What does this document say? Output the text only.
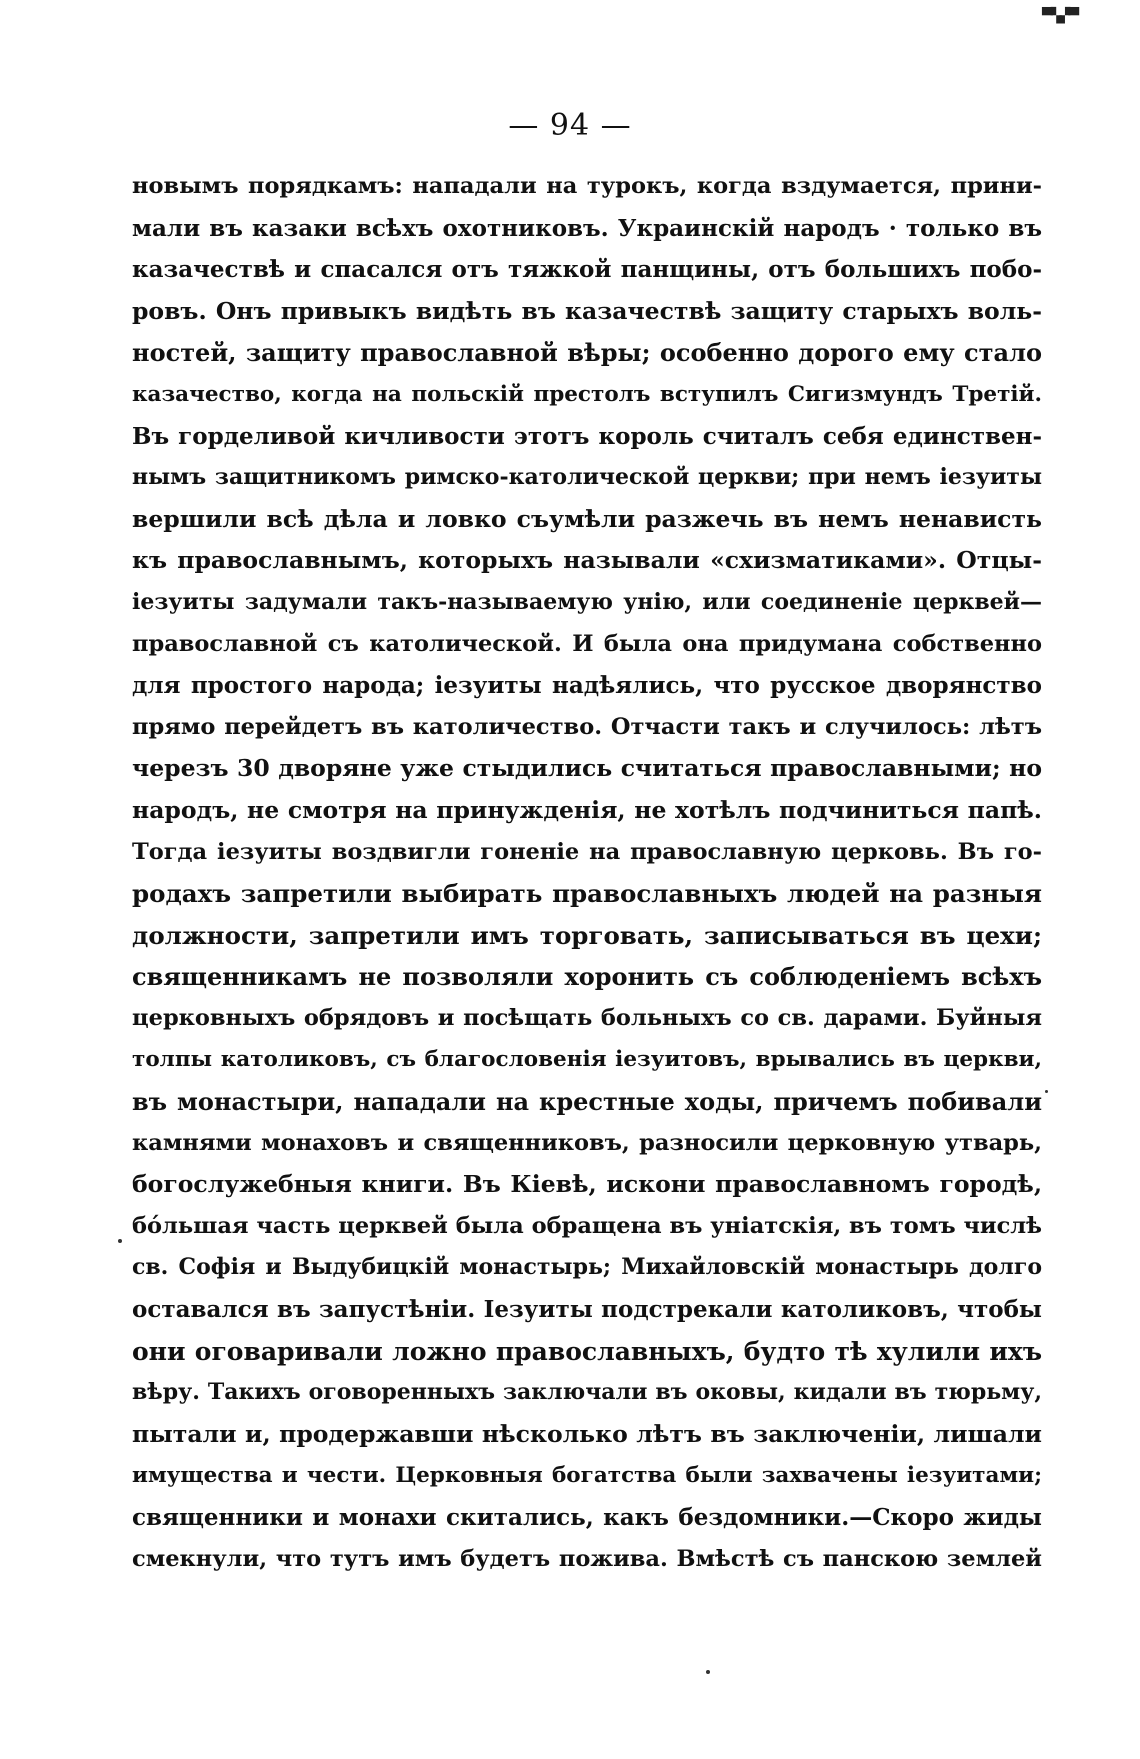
▀▚▞▀
— 94 —
новымъ порядкамъ: нападали на турокъ, когда вздумается, прини-
мали въ казаки всѣхъ охотниковъ. Украинскій народъ · только въ
казачествѣ и спасался отъ тяжкой панщины, отъ большихъ побо-
ровъ. Онъ привыкъ видѣть въ казачествѣ защиту старыхъ воль-
ностей, защиту православной вѣры; особенно дорого ему стало
казачество, когда на польскій престолъ вступилъ Сигизмундъ Третій.
Въ горделивой кичливости этотъ король считалъ себя единствен-
нымъ защитникомъ римско-католической церкви; при немъ іезуиты
вершили всѣ дѣла и ловко съумѣли разжечь въ немъ ненависть
къ православнымъ, которыхъ называли «схизматиками». Отцы-
іезуиты задумали такъ-называемую унію, или соединеніе церквей—
православной съ католической. И была она придумана собственно
для простого народа; іезуиты надѣялись, что русское дворянство
прямо перейдетъ въ католичество. Отчасти такъ и случилось: лѣтъ
черезъ 30 дворяне уже стыдились считаться православными; но
народъ, не смотря на принужденія, не хотѣлъ подчиниться папѣ.
Тогда іезуиты воздвигли гоненіе на православную церковь. Въ го-
родахъ запретили выбирать православныхъ людей на разныя
должности, запретили имъ торговать, записываться въ цехи;
священникамъ не позволяли хоронить съ соблюденіемъ всѣхъ
церковныхъ обрядовъ и посѣщать больныхъ со св. дарами. Буйныя
толпы католиковъ, съ благословенія іезуитовъ, врывались въ церкви,
въ монастыри, нападали на крестные ходы, причемъ побивали
камнями монаховъ и священниковъ, разносили церковную утварь,
богослужебныя книги. Въ Кіевѣ, искони православномъ городѣ,
бо́льшая часть церквей была обращена въ уніатскія, въ томъ числѣ
св. Софія и Выдубицкій монастырь; Михайловскій монастырь долго
оставался въ запустѣніи. Іезуиты подстрекали католиковъ, чтобы
они оговаривали ложно православныхъ, будто тѣ хулили ихъ
вѣру. Такихъ оговоренныхъ заключали въ оковы, кидали въ тюрьму,
пытали и, продержавши нѣсколько лѣтъ въ заключеніи, лишали
имущества и чести. Церковныя богатства были захвачены іезуитами;
священники и монахи скитались, какъ бездомники.—Скоро жиды
смекнули, что тутъ имъ будетъ пожива. Вмѣстѣ съ панскою землей
